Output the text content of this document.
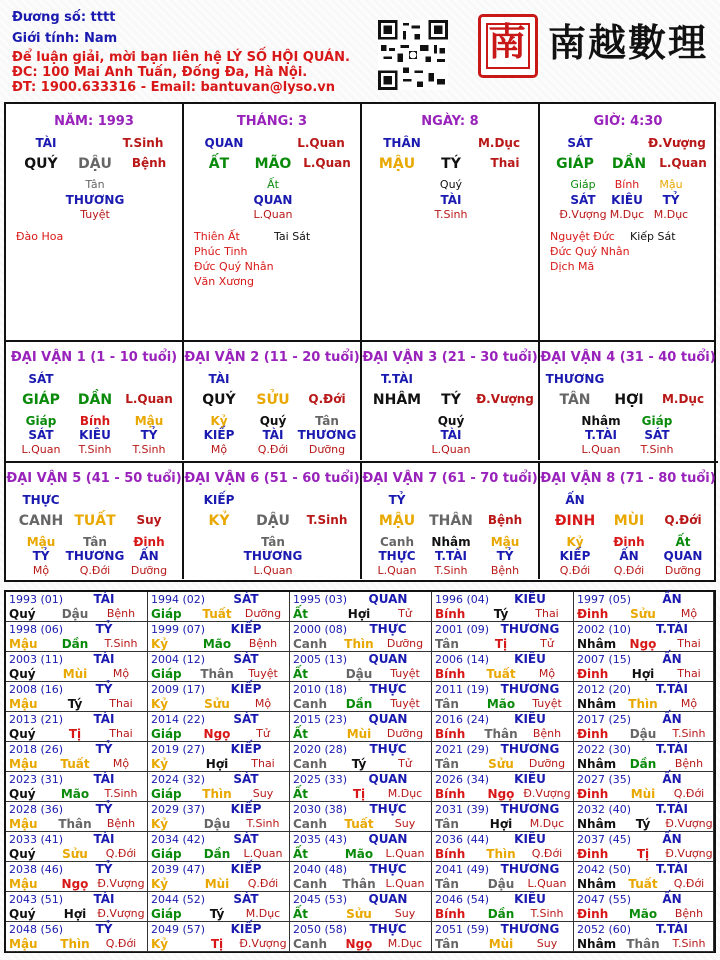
Đương số: tttt
Giới tính: Nam
Để luận giải, mời bạn liên hệ LÝ SỐ HỘI QUÁN.
ĐC: 100 Mai Anh Tuấn, Đống Đa, Hà Nội.
ĐT: 1900.633316 - Email: bantuvan@lyso.vn
南 南越數理
NĂM: 1993
TÀI	T.Sinh
QUÝ	DẬU	Bệnh
Tân
THƯƠNG
Tuyệt
Đào Hoa
THÁNG: 3
QUAN	L.Quan
ẤT	MÃO L.Quan
Ất
QUAN
L.Quan
Thiên Ất	Tai Sát
Phúc Tinh
Đức Quý Nhân
Văn Xương
NGÀY: 8
THÂN	M.Dục
MẬU	TÝ	Thai
Quý
TÀI
T.Sinh
GIỜ: 4:30
SÁT	Đ.Vượng
GIÁP	DẦN	L.Quan
Giáp
SÁT
Đ.Vượng
Bính
KIÊU
M.Dục
Mậu
TỶ
M.Dục
Nguyệt Đức Kiếp Sát
Đức Quý Nhân
Dịch Mã
ĐẠI VẬN 1 (1 - 10 tuổi)
SÁT
GIÁP	DẦN	L.Quan
Giáp
SÁT
L.Quan
Bính
KIÊU
T.Sinh
Mậu
TỶ
T.Sinh
ĐẠI VẬN 2 (11 - 20 tuổi)
TÀI
QUÝ	SỬU	Q.Đới
Kỷ
KIẾP
Mộ
Quý
TÀI
Q.Đới
Tân
THƯƠNG
Dưỡng
ĐẠI VẬN 3 (21 - 30 tuổi)
T.TÀI
NHÂM	TÝ	Đ.Vượng
Quý
TÀI
L.Quan
ĐẠI VẬN 4 (31 - 40 tuổi)
THƯƠNG
TÂN	HỢI	M.Dục
Nhâm
T.TÀI
L.Quan
Giáp
SÁT
T.Sinh
ĐẠI VẬN 5 (41 - 50 tuổi)
THỰC
CANH TUẤT	Suy
Mậu
TỶ
Mộ
Tân
THƯƠNG
Q.Đới
Đinh
ẤN
Dưỡng
ĐẠI VẬN 6 (51 - 60 tuổi)
KIẾP
KỶ	DẬU	T.Sinh
Tân
THƯƠNG
L.Quan
ĐẠI VẬN 7 (61 - 70 tuổi)
TỶ
MẬU	THÂN	Bệnh
Canh
THỰC
L.Quan
Nhâm
T.TÀI
T.Sinh
Mậu
TỶ
Bệnh
ĐẠI VẬN 8 (71 - 80 tuổi)
ẤN
ĐINH	MÙI	Q.Đới
Kỷ
KIẾP
Q.Đới
Đinh
ẤN
Q.Đới
Ất
QUAN
Dưỡng
1993 (01)	TÀI
Quý	Dậu	Bệnh
1994 (02)	SÁT
Giáp	Tuất	Dưỡng
1995 (03)	QUAN
Ất	Hợi	Tử
1996 (04)	KIÊU
Bính	Tý	Thai
1997 (05)	ẤN
Đinh	Sửu	Mộ
1998 (06)	TỶ
Mậu	Dần	T.Sinh
1999 (07)	KIẾP
Kỷ	Mão	Bệnh
2000 (08)	THỰC
Canh	Thìn	Dưỡng
2001 (09) THƯƠNG
Tân	Tị	Tử
2002 (10)	T.TÀI
Nhâm	Ngọ	Thai
2003 (11)	TÀI
Quý	Mùi	Mộ
2004 (12)	SÁT
Giáp	Thân	Tuyệt
2005 (13)	QUAN
Ất	Dậu	Tuyệt
2006 (14)	KIÊU
Bính	Tuất	Mộ
2007 (15)	ẤN
Đinh	Hợi	Thai
2008 (16)	TỶ
Mậu	Tý	Thai
2009 (17)	KIẾP
Kỷ	Sửu	Mộ
2010 (18)	THỰC
Canh	Dần	Tuyệt
2011 (19) THƯƠNG
Tân	Mão	Tuyệt
2012 (20)	T.TÀI
Nhâm	Thìn	Mộ
2013 (21)	TÀI
Quý	Tị	Thai
2014 (22)	SÁT
Giáp	Ngọ	Tử
2015 (23)	QUAN
Ất	Mùi	Dưỡng
2016 (24)	KIÊU
Bính	Thân	Bệnh
2017 (25)	ẤN
Đinh	Dậu	T.Sinh
2018 (26)	TỶ
Mậu	Tuất	Mộ
2019 (27)	KIẾP
Kỷ	Hợi	Thai
2020 (28)	THỰC
Canh	Tý	Tử
2021 (29) THƯƠNG
Tân	Sửu	Dưỡng
2022 (30)	T.TÀI
Nhâm	Dần	Bệnh
2023 (31)	TÀI
Quý	Mão	T.Sinh
2024 (32)	SÁT
Giáp	Thìn	Suy
2025 (33)	QUAN
Ất	Tị	M.Dục
2026 (34)	KIÊU
Bính	Ngọ Đ.Vượng
2027 (35)	ẤN
Đinh	Mùi	Q.Đới
2028 (36)	TỶ
Mậu	Thân	Bệnh
2029 (37)	KIẾP
Kỷ	Dậu	T.Sinh
2030 (38)	THỰC
Canh	Tuất	Suy
2031 (39) THƯƠNG
Tân	Hợi	M.Dục
2032 (40)	T.TÀI
Nhâm	Tý	Đ.Vượng
2033 (41)	TÀI
Quý	Sửu	Q.Đới
2034 (42)	SÁT
Giáp	Dần	L.Quan
2035 (43)	QUAN
Ất	Mão	L.Quan
2036 (44)	KIÊU
Bính	Thìn	Q.Đới
2037 (45)	ẤN
Đinh	Tị	Đ.Vượng
2038 (46)	TỶ
Mậu	Ngọ Đ.Vượng
2039 (47)	KIẾP
Kỷ	Mùi	Q.Đới
2040 (48)	THỰC
Canh	Thân L.Quan
2041 (49) THƯƠNG
Tân	Dậu	L.Quan
2042 (50)	T.TÀI
Nhâm	Tuất	Q.Đới
2043 (51)	TÀI
Quý	Hợi	Đ.Vượng
2044 (52)	SÁT
Giáp	Tý	M.Dục
2045 (53)	QUAN
Ất	Sửu	Suy
2046 (54)	KIÊU
Bính	Dần	T.Sinh
2047 (55)	ẤN
Đinh	Mão	Bệnh
2048 (56)	TỶ
Mậu	Thìn	Q.Đới
2049 (57)	KIẾP
Kỷ	Tị	Đ.Vượng
2050 (58)	THỰC
Canh	Ngọ	M.Dục
2051 (59) THƯƠNG
Tân	Mùi	Suy
2052 (60)	T.TÀI
Nhâm Thân	T.Sinh
